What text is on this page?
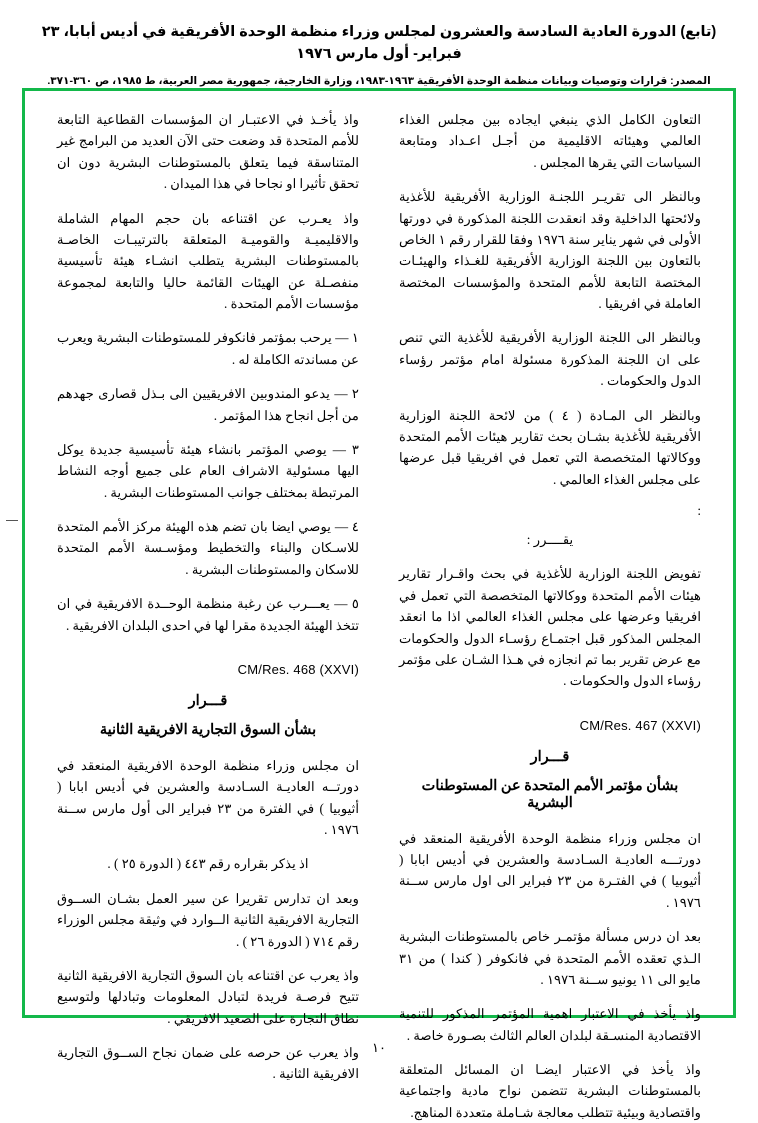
(تابع) الدورة العادية السادسة والعشرون لمجلس وزراء منظمة الوحدة الأفريقية في أديس أبابا، ٢٣ فبراير- أول مارس ١٩٧٦
المصدر: قرارات وتوصيات وبيانات منظمة الوحدة الأفريقية ١٩٦٣-١٩٨٣، وزارة الخارجية، جمهورية مصر العربية، ط ١٩٨٥، ص ٣٦٠-٣٧١.

التعاون الكامل الذي ينبغي ايجاده بين مجلس الغذاء العالمي وهيئاته الاقليمية من أجـل اعـداد ومتابعة السياسات التي يقرها المجلس .

وبالنظر الى تقريـر اللجنـة الوزارية الأفريقية للأغذية ولائحتها الداخلية وقد انعقدت اللجنة المذكورة في دورتها الأولى في شهر يناير سنة ١٩٧٦ وفقا للقرار رقم ١ الخاص بالتعاون بين اللجنة الوزارية الأفريقية للغـذاء والهيئـات المختصة التابعة للأمم المتحدة والمؤسسات المختصة العاملة في افريقيا .

وبالنظر الى اللجنة الوزارية الأفريقية للأغذية التي تنص على ان اللجنة المذكورة مسئولة امام مؤتمر رؤساء الدول والحكومات .

وبالنظر الى المـادة ( ٤ ) من لائحة اللجنة الوزارية الأفريقية للأغذية بشـان بحث تقارير هيئات الأمم المتحدة ووكالاتها المتخصصة التي تعمل في افريقيا قبل عرضها على مجلس الغذاء العالمي .

:

يقــــرر :

تفويض اللجنة الوزارية للأغذية في بحث واقـرار تقارير هيئات الأمم المتحدة ووكالاتها المتخصصة التي تعمل في افريقيا وعرضها على مجلس الغذاء العالمي اذا ما انعقد المجلس المذكور قبل اجتمـاع رؤسـاء الدول والحكومات مع عرض تقرير بما تم انجازه في هـذا الشـان على مؤتمر رؤساء الدول والحكومات .

CM/Res. 467 (XXVI)
قـــرار
بشأن مؤتمر الأمم المتحدة عن المستوطنات البشرية

ان مجلس وزراء منظمة الوحدة الأفريقية المنعقد في دورتـــه العاديـة السـادسة والعشرين في أديس ابابا ( أثيوبيا ) في الفتـرة من ٢٣ فبراير الى اول مارس ســنة ١٩٧٦ .

بعد ان درس مسألة مؤتمـر خاص بالمستوطنات البشرية الـذي تعقده الأمم المتحدة في فانكوفر ( كندا ) من ٣١ مايو الى ١١ يونيو ســنة ١٩٧٦ .

واذ يأخذ في الاعتبار اهمية المؤتمر المذكور للتنمية الاقتصادية المنسـقة لبلدان العالم الثالث بصـورة خاصة .

واذ يأخذ في الاعتبار ايضـا ان المسائل المتعلقة بالمستوطنات البشرية تتضمن نواح مادية واجتماعية واقتصادية وبيئية تتطلب معالجة شـاملة متعددة المناهج.

واذ يأخـذ في الاعتبـار ان المؤسسات القطاعية التابعة للأمم المتحدة قد وضعت حتى الآن العديد من البرامج غير المتناسقة فيما يتعلق بالمستوطنات البشرية دون ان تحقق تأثيرا او نجاحا في هذا الميدان .

واذ يعـرب عن اقتناعه بان حجم المهام الشاملة والاقليميـة والقوميـة المتعلقة بالترتيبـات الخاصـة بالمستوطنات البشرية يتطلب انشـاء هيئة تأسيسية منفصـلة عن الهيئات القائمة حاليا والتابعة لمجموعة مؤسسات الأمم المتحدة .

١ — يرحب بمؤتمر فانكوفر للمستوطنات البشرية ويعرب عن مساندته الكاملة له .

٢ — يدعو المندوبين الافريقيين الى بـذل قصارى جهدهم من أجل انجاح هذا المؤتمر .

٣ — يوصي المؤتمر بانشاء هيئة تأسيسية جديدة يوكل اليها مسئولية الاشراف العام على جميع أوجه النشاط المرتبطة بمختلف جوانب المستوطنات البشرية .

٤ — يوصي ايضا بان تضم هذه الهيئة مركز الأمم المتحدة للاسـكان والبناء والتخطيط ومؤسـسة الأمم المتحدة للاسكان والمستوطنات البشرية .

٥ — يعـــرب عن رغبة منظمة الوحــدة الافريقية في ان تتخذ الهيئة الجديدة مقرا لها في احدى البلدان الافريقية .

CM/Res. 468 (XXVI)
قـــرار
بشأن السوق التجارية الافريقية الثانية

ان مجلس وزراء منظمة الوحدة الافريقية المنعقد في دورتــه العاديـة السـادسة والعشرين في أديس ابابا ( أثيوبيا ) في الفترة من ٢٣ فبراير الى أول مارس ســنة ١٩٧٦ .

اذ يذكر بقراره رقم ٤٤٣ ( الدورة ٢٥ ) .

وبعد ان تدارس تقريرا عن سير العمل بشـان الســوق التجارية الافريقية الثانية الــوارد في وثيقة مجلس الوزراء رقم ٧١٤ ( الدورة ٢٦ ) .

واذ يعرب عن اقتناعه بان السوق التجارية الافريقية الثانية تتيح فرصـة فريدة لتبادل المعلومات وتبادلها ولتوسيع نطاق التجارة على الصعيد الافريقي .

واذ يعرب عن حرصه على ضمان نجاح الســوق التجارية الافريقية الثانية .

١٠
